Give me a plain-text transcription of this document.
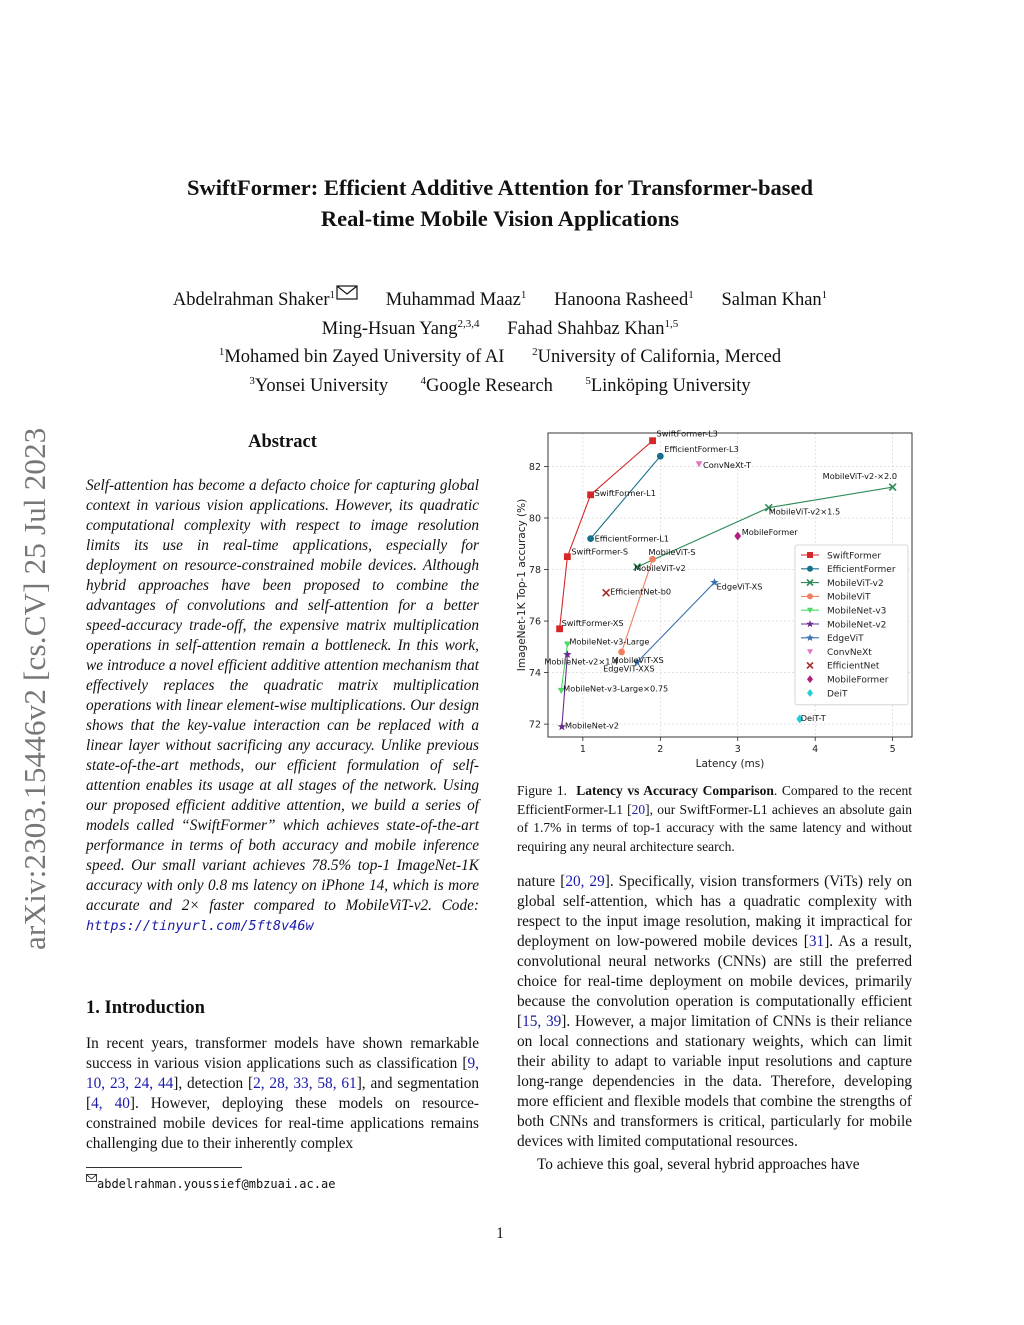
arXiv:2303.15446v2 [cs.CV] 25 Jul 2023
SwiftFormer: Efficient Additive Attention for Transformer-based
Real-time Mobile Vision Applications
Abdelrahman Shaker$^1$	Muhammad Maaz$^1$ Hanoona Rasheed$^1$ Salman Khan$^1$
Ming-Hsuan Yang$^{2,3,4}$ Fahad Shahbaz Khan$^{1,5}$
$^1$Mohamed bin Zayed University of AI	$^2$University of California, Merced
$^3$Yonsei University	$^4$Google Research	$^5$Linköping University
Abstract
Self-attention has become a defacto choice for capturing global context in various vision applications. However, its quadratic computational complexity with respect to image resolution limits its use in real-time applications, especially for deployment on resource-constrained mobile devices. Although hybrid approaches have been proposed to combine the advantages of convolutions and self-attention for a better speed-accuracy trade-off, the expensive matrix multiplication operations in self-attention remain a bottleneck. In this work, we introduce a novel efficient additive attention mechanism that effectively replaces the quadratic matrix multiplication operations with linear element-wise multiplications. Our design shows that the key-value interaction can be replaced with a linear layer without sacrificing any accuracy. Unlike previous state-of-the-art methods, our efficient formulation of self-attention enables its usage at all stages of the network. Using our proposed efficient additive attention, we build a series of models called “SwiftFormer” which achieves state-of-the-art performance in terms of both accuracy and mobile inference speed. Our small variant achieves 78.5% top-1 ImageNet-1K accuracy with only 0.8 ms latency on iPhone 14, which is more accurate and 2× faster compared to MobileViT-v2. Code: https://tinyurl.com/5ft8v46w
1. Introduction
In recent years, transformer models have shown remarkable success in various vision applications such as classification [9, 10, 23, 24, 44], detection [2, 28, 33, 58, 61], and segmentation [4, 40]. However, deploying these models on resource-constrained mobile devices for real-time applications remains challenging due to their inherently complex
abdelrahman.youssief@mbzuai.ac.ae
1	2	3	4	5
72
74
76
78
80
82
Latency (ms)
ImageNet-1K Top-1 accuracy (%)	SwiftFormer-XS
SwiftFormer-S
SwiftFormer-L1
SwiftFormer-L3
EfficientFormer-L1
EfficientFormer-L3
MobileViT-v2
MobileViT-v2×1.5
MobileViT-v2-×2.0
MobileViT-XS
MobileViT-S
MobileNet-v3-Large×0.75
MobileNet-v3-Large
MobileNet-v2
MobileNet-v2×1.4
EdgeViT-XXS
EdgeViT-XS
ConvNeXt-T
EfficientNet-b0
MobileFormer
DeiT-T
SwiftFormer
EfficientFormer
MobileViT-v2
MobileViT
MobileNet-v3
MobileNet-v2
EdgeViT
ConvNeXt
EfficientNet
MobileFormer
DeiT
Figure 1. Latency vs Accuracy Comparison. Compared to the recent EfficientFormer-L1 [20], our SwiftFormer-L1 achieves an absolute gain of 1.7% in terms of top-1 accuracy with the same latency and without requiring any neural architecture search.

nature [20, 29]. Specifically, vision transformers (ViTs) rely on global self-attention, which has a quadratic complexity with respect to the input image resolution, making it impractical for deployment on low-powered mobile devices [31]. As a result, convolutional neural networks (CNNs) are still the preferred choice for real-time deployment on mobile devices, primarily because the convolution operation is computationally efficient [15, 39]. However, a major limitation of CNNs is their reliance on local connections and stationary weights, which can limit their ability to adapt to variable input resolutions and capture long-range dependencies in the data. Therefore, developing more efficient and flexible models that combine the strengths of both CNNs and transformers is critical, particularly for mobile devices with limited computational resources.

To achieve this goal, several hybrid approaches have

1
